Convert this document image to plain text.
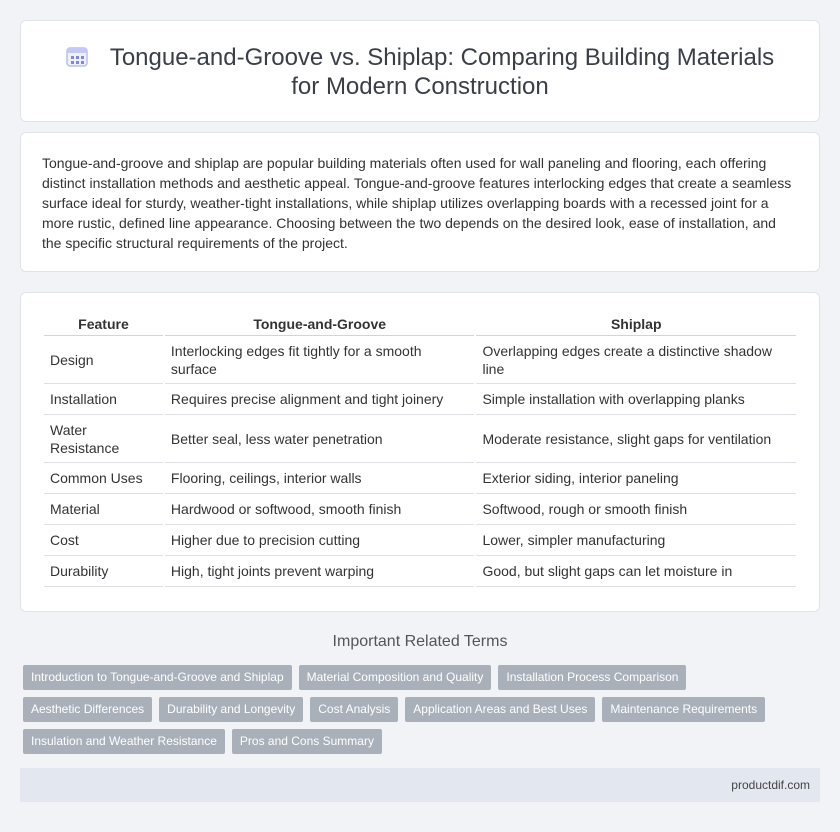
Tongue-and-Groove vs. Shiplap: Comparing Building Materials for Modern Construction

Tongue-and-groove and shiplap are popular building materials often used for wall paneling and flooring, each offering distinct installation methods and aesthetic appeal. Tongue-and-groove features interlocking edges that create a seamless surface ideal for sturdy, weather-tight installations, while shiplap utilizes overlapping boards with a recessed joint for a more rustic, defined line appearance. Choosing between the two depends on the desired look, ease of installation, and the specific structural requirements of the project.

Feature	Tongue-and-Groove	Shiplap
Design	Interlocking edges fit tightly for a smooth surface	Overlapping edges create a distinctive shadow line
Installation	Requires precise alignment and tight joinery	Simple installation with overlapping planks
Water Resistance	Better seal, less water penetration	Moderate resistance, slight gaps for ventilation
Common Uses	Flooring, ceilings, interior walls	Exterior siding, interior paneling
Material	Hardwood or softwood, smooth finish	Softwood, rough or smooth finish
Cost	Higher due to precision cutting	Lower, simpler manufacturing
Durability	High, tight joints prevent warping	Good, but slight gaps can let moisture in
Important Related Terms
Introduction to Tongue-and-Groove and Shiplap	Material Composition and Quality	Installation Process Comparison
Aesthetic Differences	Durability and Longevity	Cost Analysis	Application Areas and Best Uses	Maintenance Requirements
Insulation and Weather Resistance	Pros and Cons Summary
productdif.com
